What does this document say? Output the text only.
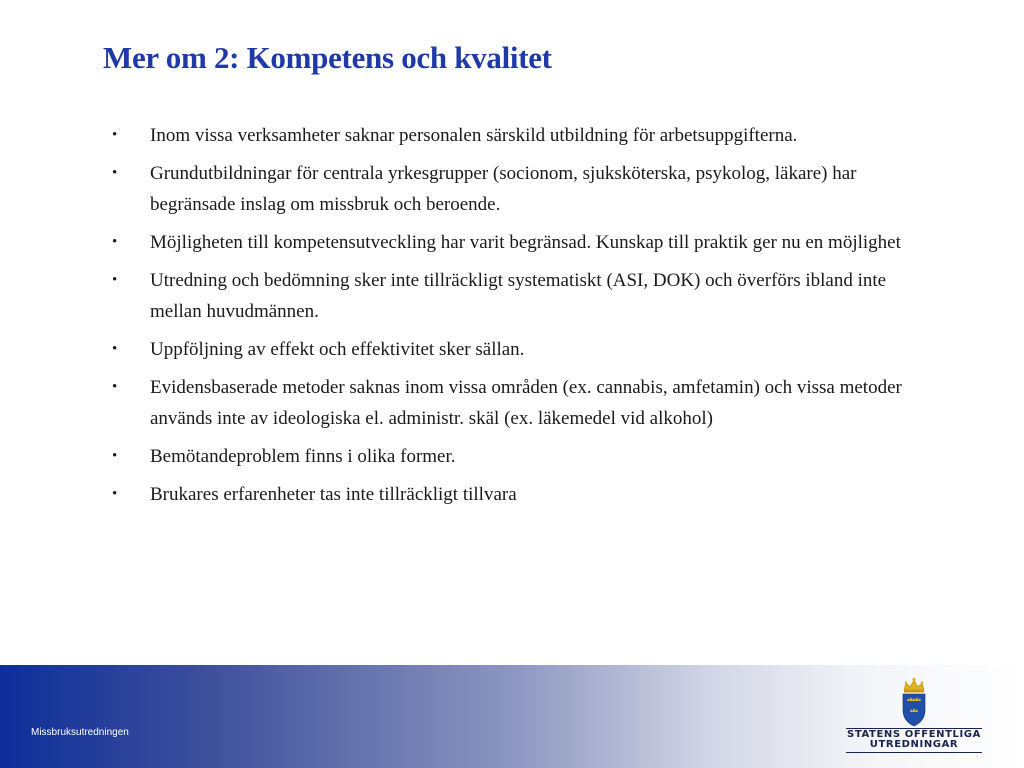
Mer om 2: Kompetens och kvalitet
• Inom vissa verksamheter saknar personalen särskild utbildning för arbetsuppgifterna.
• Grundutbildningar för centrala yrkesgrupper (socionom, sjuksköterska, psykolog, läkare) har begränsade inslag om missbruk och beroende.
• Möjligheten till kompetensutveckling har varit begränsad. Kunskap till praktik ger nu en möjlighet
• Utredning och bedömning sker inte tillräckligt systematiskt (ASI, DOK) och överförs ibland inte mellan huvudmännen.
• Uppföljning av effekt och effektivitet sker sällan.
• Evidensbaserade metoder saknas inom vissa områden (ex. cannabis, amfetamin) och vissa metoder används inte av ideologiska el. administr. skäl (ex. läkemedel vid alkohol)
• Bemötandeproblem finns i olika former.
• Brukares erfarenheter tas inte tillräckligt tillvara
Missbruksutredningen	STATENS OFFENTLIGA
UTREDNINGAR
